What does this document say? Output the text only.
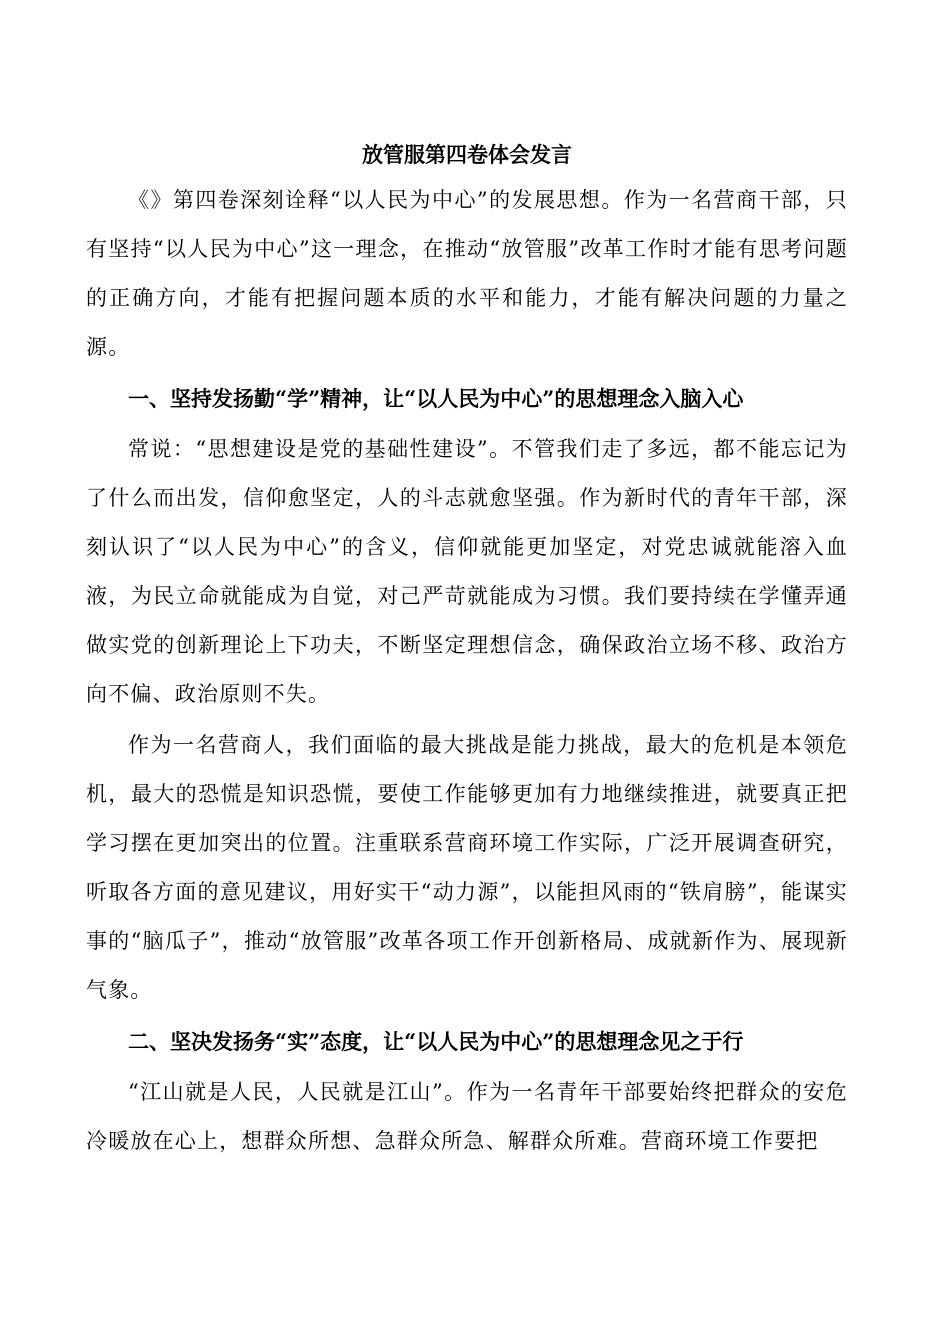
放管服第四卷体会发言

《》第四卷深刻诠释“以人民为中心”的发展思想。作为一名营商干部，只有坚持“以人民为中心”这一理念，在推动“放管服”改革工作时才能有思考问题的正确方向，才能有把握问题本质的水平和能力，才能有解决问题的力量之源。

一、坚持发扬勤“学”精神，让“以人民为中心”的思想理念入脑入心

常说：“思想建设是党的基础性建设”。不管我们走了多远，都不能忘记为了什么而出发，信仰愈坚定，人的斗志就愈坚强。作为新时代的青年干部，深刻认识了“以人民为中心”的含义，信仰就能更加坚定，对党忠诚就能溶入血液，为民立命就能成为自觉，对己严苛就能成为习惯。我们要持续在学懂弄通做实党的创新理论上下功夫，不断坚定理想信念，确保政治立场不移、政治方向不偏、政治原则不失。

作为一名营商人，我们面临的最大挑战是能力挑战，最大的危机是本领危机，最大的恐慌是知识恐慌，要使工作能够更加有力地继续推进，就要真正把学习摆在更加突出的位置。注重联系营商环境工作实际，广泛开展调查研究，听取各方面的意见建议，用好实干“动力源”，以能担风雨的“铁肩膀”，能谋实事的“脑瓜子”，推动“放管服”改革各项工作开创新格局、成就新作为、展现新气象。

二、坚决发扬务“实”态度，让“以人民为中心”的思想理念见之于行

“江山就是人民，人民就是江山”。作为一名青年干部要始终把群众的安危冷暖放在心上，想群众所想、急群众所急、解群众所难。营商环境工作要把
